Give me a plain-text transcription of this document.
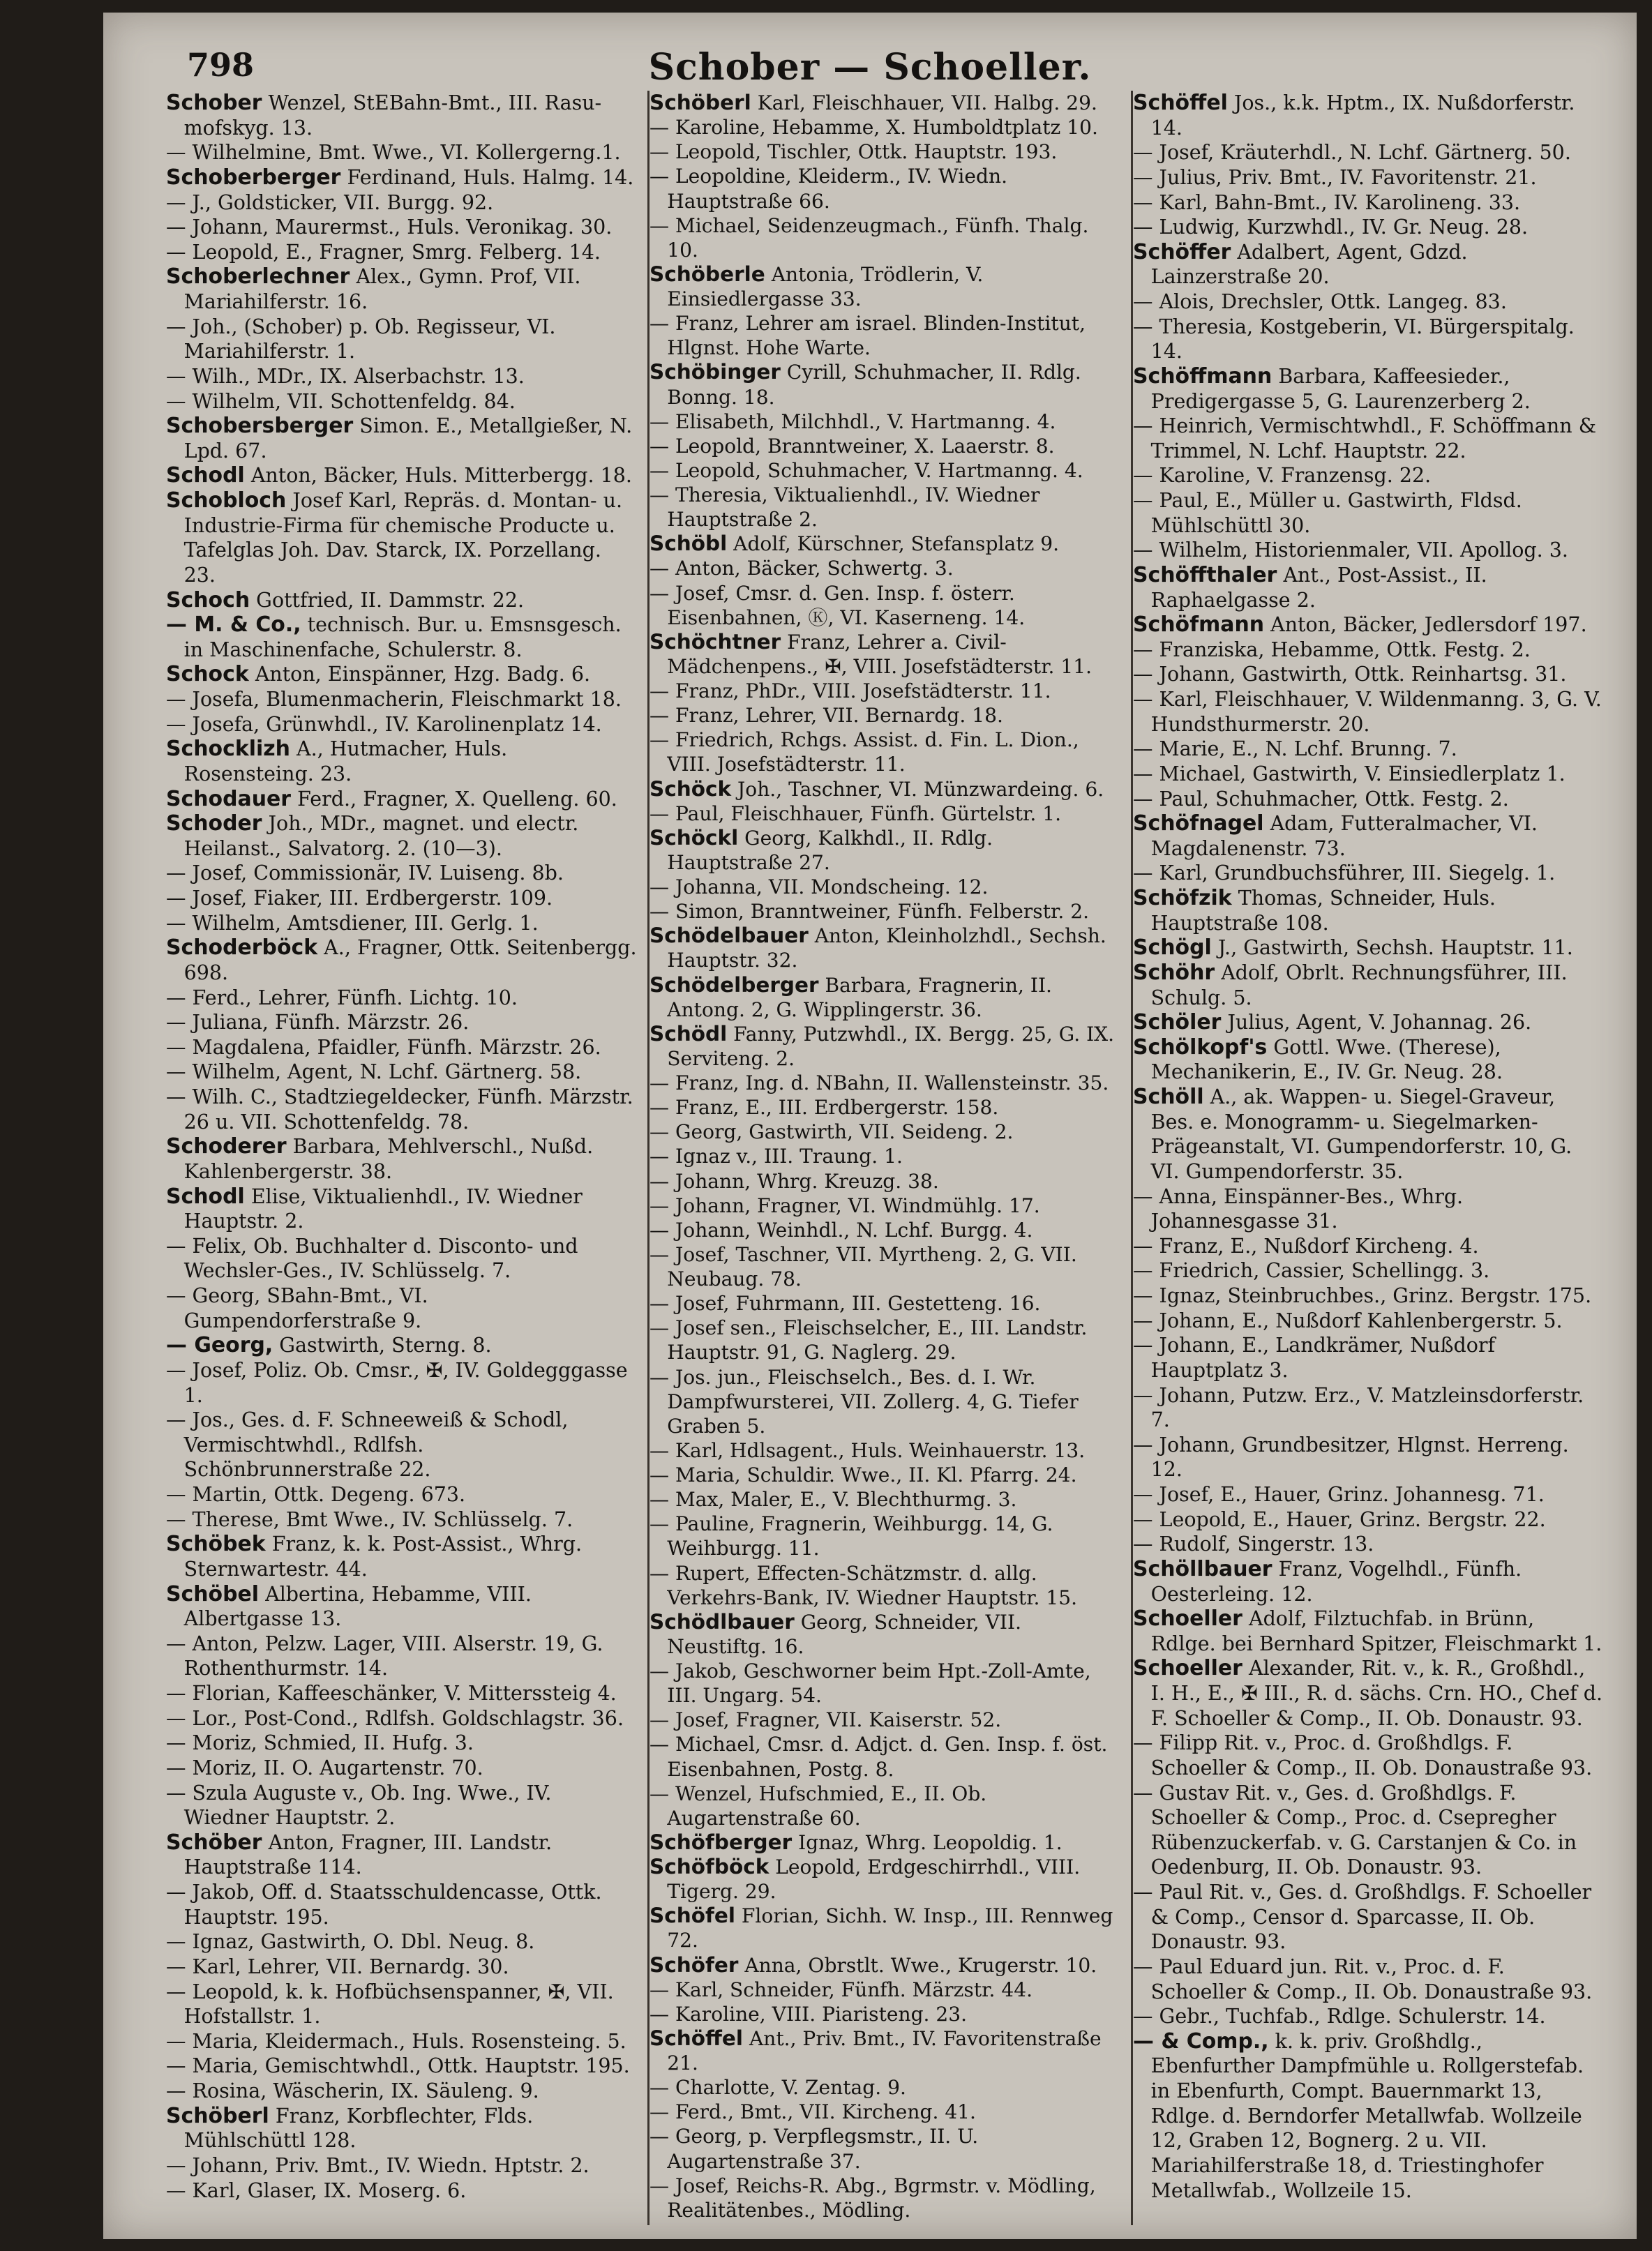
798	Schober — Schoeller.

Schober Wenzel, StEBahn-Bmt., III. Rasu-mofskyg. 13.

— Wilhelmine, Bmt. Wwe., VI. Kollergerng.1.

Schoberberger Ferdinand, Huls. Halmg. 14.

— J., Goldsticker, VII. Burgg. 92.

— Johann, Maurermst., Huls. Veronikag. 30.

— Leopold, E., Fragner, Smrg. Felberg. 14.

Schoberlechner Alex., Gymn. Prof, VII. Mariahilferstr. 16.

— Joh., (Schober) p. Ob. Regisseur, VI. Mariahilferstr. 1.

— Wilh., MDr., IX. Alserbachstr. 13.

— Wilhelm, VII. Schottenfeldg. 84.

Schobersberger Simon. E., Metallgießer, N. Lpd. 67.

Schodl Anton, Bäcker, Huls. Mitterbergg. 18.

Schobloch Josef Karl, Repräs. d. Montan- u. Industrie-Firma für chemische Producte u. Tafelglas Joh. Dav. Starck, IX. Porzellang. 23.

Schoch Gottfried, II. Dammstr. 22.

— M. & Co., technisch. Bur. u. Emsnsgesch. in Maschinenfache, Schulerstr. 8.

Schock Anton, Einspänner, Hzg. Badg. 6.

— Josefa, Blumenmacherin, Fleischmarkt 18.

— Josefa, Grünwhdl., IV. Karolinenplatz 14.

Schocklizh A., Hutmacher, Huls. Rosensteing. 23.

Schodauer Ferd., Fragner, X. Quelleng. 60.

Schoder Joh., MDr., magnet. und electr. Heilanst., Salvatorg. 2. (10—3).

— Josef, Commissionär, IV. Luiseng. 8b.

— Josef, Fiaker, III. Erdbergerstr. 109.

— Wilhelm, Amtsdiener, III. Gerlg. 1.

Schoderböck A., Fragner, Ottk. Seitenbergg. 698.

— Ferd., Lehrer, Fünfh. Lichtg. 10.

— Juliana, Fünfh. Märzstr. 26.

— Magdalena, Pfaidler, Fünfh. Märzstr. 26.

— Wilhelm, Agent, N. Lchf. Gärtnerg. 58.

— Wilh. C., Stadtziegeldecker, Fünfh. Märzstr. 26 u. VII. Schottenfeldg. 78.

Schoderer Barbara, Mehlverschl., Nußd. Kahlenbergerstr. 38.

Schodl Elise, Viktualienhdl., IV. Wiedner Hauptstr. 2.

— Felix, Ob. Buchhalter d. Disconto- und Wechsler-Ges., IV. Schlüsselg. 7.

— Georg, SBahn-Bmt., VI. Gumpendorferstraße 9.

— Georg, Gastwirth, Sterng. 8.

— Josef, Poliz. Ob. Cmsr., ✠, IV. Goldegggasse 1.

— Jos., Ges. d. F. Schneeweiß & Schodl, Vermischtwhdl., Rdlfsh. Schönbrunnerstraße 22.

— Martin, Ottk. Degeng. 673.

— Therese, Bmt Wwe., IV. Schlüsselg. 7.

Schöbek Franz, k. k. Post-Assist., Whrg. Sternwartestr. 44.

Schöbel Albertina, Hebamme, VIII. Albertgasse 13.

— Anton, Pelzw. Lager, VIII. Alserstr. 19, G. Rothenthurmstr. 14.

— Florian, Kaffeeschänker, V. Mitterssteig 4.

— Lor., Post-Cond., Rdlfsh. Goldschlagstr. 36.

— Moriz, Schmied, II. Hufg. 3.

— Moriz, II. O. Augartenstr. 70.

— Szula Auguste v., Ob. Ing. Wwe., IV. Wiedner Hauptstr. 2.

Schöber Anton, Fragner, III. Landstr. Hauptstraße 114.

— Jakob, Off. d. Staatsschuldencasse, Ottk. Hauptstr. 195.

— Ignaz, Gastwirth, O. Dbl. Neug. 8.

— Karl, Lehrer, VII. Bernardg. 30.

— Leopold, k. k. Hofbüchsenspanner, ✠, VII. Hofstallstr. 1.

— Maria, Kleidermach., Huls. Rosensteing. 5.

— Maria, Gemischtwhdl., Ottk. Hauptstr. 195.

— Rosina, Wäscherin, IX. Säuleng. 9.

Schöberl Franz, Korbflechter, Flds. Mühlschüttl 128.

— Johann, Priv. Bmt., IV. Wiedn. Hptstr. 2.

— Karl, Glaser, IX. Moserg. 6.

Schöberl Karl, Fleischhauer, VII. Halbg. 29.

— Karoline, Hebamme, X. Humboldtplatz 10.

— Leopold, Tischler, Ottk. Hauptstr. 193.

— Leopoldine, Kleiderm., IV. Wiedn. Hauptstraße 66.

— Michael, Seidenzeugmach., Fünfh. Thalg. 10.

Schöberle Antonia, Trödlerin, V. Einsiedlergasse 33.

— Franz, Lehrer am israel. Blinden-Institut, Hlgnst. Hohe Warte.

Schöbinger Cyrill, Schuhmacher, II. Rdlg. Bonng. 18.

— Elisabeth, Milchhdl., V. Hartmanng. 4.

— Leopold, Branntweiner, X. Laaerstr. 8.

— Leopold, Schuhmacher, V. Hartmanng. 4.

— Theresia, Viktualienhdl., IV. Wiedner Hauptstraße 2.

Schöbl Adolf, Kürschner, Stefansplatz 9.

— Anton, Bäcker, Schwertg. 3.

— Josef, Cmsr. d. Gen. Insp. f. österr. Eisenbahnen, Ⓚ, VI. Kaserneng. 14.

Schöchtner Franz, Lehrer a. Civil-Mädchenpens., ✠, VIII. Josefstädterstr. 11.

— Franz, PhDr., VIII. Josefstädterstr. 11.

— Franz, Lehrer, VII. Bernardg. 18.

— Friedrich, Rchgs. Assist. d. Fin. L. Dion., VIII. Josefstädterstr. 11.

Schöck Joh., Taschner, VI. Münzwardeing. 6.

— Paul, Fleischhauer, Fünfh. Gürtelstr. 1.

Schöckl Georg, Kalkhdl., II. Rdlg. Hauptstraße 27.

— Johanna, VII. Mondscheing. 12.

— Simon, Branntweiner, Fünfh. Felberstr. 2.

Schödelbauer Anton, Kleinholzhdl., Sechsh. Hauptstr. 32.

Schödelberger Barbara, Fragnerin, II. Antong. 2, G. Wipplingerstr. 36.

Schödl Fanny, Putzwhdl., IX. Bergg. 25, G. IX. Serviteng. 2.

— Franz, Ing. d. NBahn, II. Wallensteinstr. 35.

— Franz, E., III. Erdbergerstr. 158.

— Georg, Gastwirth, VII. Seideng. 2.

— Ignaz v., III. Traung. 1.

— Johann, Whrg. Kreuzg. 38.

— Johann, Fragner, VI. Windmühlg. 17.

— Johann, Weinhdl., N. Lchf. Burgg. 4.

— Josef, Taschner, VII. Myrtheng. 2, G. VII. Neubaug. 78.

— Josef, Fuhrmann, III. Gestetteng. 16.

— Josef sen., Fleischselcher, E., III. Landstr. Hauptstr. 91, G. Naglerg. 29.

— Jos. jun., Fleischselch., Bes. d. I. Wr. Dampfwursterei, VII. Zollerg. 4, G. Tiefer Graben 5.

— Karl, Hdlsagent., Huls. Weinhauerstr. 13.

— Maria, Schuldir. Wwe., II. Kl. Pfarrg. 24.

— Max, Maler, E., V. Blechthurmg. 3.

— Pauline, Fragnerin, Weihburgg. 14, G. Weihburgg. 11.

— Rupert, Effecten-Schätzmstr. d. allg. Verkehrs-Bank, IV. Wiedner Hauptstr. 15.

Schödlbauer Georg, Schneider, VII. Neustiftg. 16.

— Jakob, Geschworner beim Hpt.-Zoll-Amte, III. Ungarg. 54.

— Josef, Fragner, VII. Kaiserstr. 52.

— Michael, Cmsr. d. Adjct. d. Gen. Insp. f. öst. Eisenbahnen, Postg. 8.

— Wenzel, Hufschmied, E., II. Ob. Augartenstraße 60.

Schöfberger Ignaz, Whrg. Leopoldig. 1.

Schöfböck Leopold, Erdgeschirrhdl., VIII. Tigerg. 29.

Schöfel Florian, Sichh. W. Insp., III. Rennweg 72.

Schöfer Anna, Obrstlt. Wwe., Krugerstr. 10.

— Karl, Schneider, Fünfh. Märzstr. 44.

— Karoline, VIII. Piaristeng. 23.

Schöffel Ant., Priv. Bmt., IV. Favoritenstraße 21.

— Charlotte, V. Zentag. 9.

— Ferd., Bmt., VII. Kircheng. 41.

— Georg, p. Verpflegsmstr., II. U. Augartenstraße 37.

— Josef, Reichs-R. Abg., Bgrmstr. v. Mödling, Realitätenbes., Mödling.

Schöffel Jos., k.k. Hptm., IX. Nußdorferstr. 14.

— Josef, Kräuterhdl., N. Lchf. Gärtnerg. 50.

— Julius, Priv. Bmt., IV. Favoritenstr. 21.

— Karl, Bahn-Bmt., IV. Karolineng. 33.

— Ludwig, Kurzwhdl., IV. Gr. Neug. 28.

Schöffer Adalbert, Agent, Gdzd. Lainzerstraße 20.

— Alois, Drechsler, Ottk. Langeg. 83.

— Theresia, Kostgeberin, VI. Bürgerspitalg. 14.

Schöffmann Barbara, Kaffeesieder., Predigergasse 5, G. Laurenzerberg 2.

— Heinrich, Vermischtwhdl., F. Schöffmann & Trimmel, N. Lchf. Hauptstr. 22.

— Karoline, V. Franzensg. 22.

— Paul, E., Müller u. Gastwirth, Fldsd. Mühlschüttl 30.

— Wilhelm, Historienmaler, VII. Apollog. 3.

Schöffthaler Ant., Post-Assist., II. Raphaelgasse 2.

Schöfmann Anton, Bäcker, Jedlersdorf 197.

— Franziska, Hebamme, Ottk. Festg. 2.

— Johann, Gastwirth, Ottk. Reinhartsg. 31.

— Karl, Fleischhauer, V. Wildenmanng. 3, G. V. Hundsthurmerstr. 20.

— Marie, E., N. Lchf. Brunng. 7.

— Michael, Gastwirth, V. Einsiedlerplatz 1.

— Paul, Schuhmacher, Ottk. Festg. 2.

Schöfnagel Adam, Futteralmacher, VI. Magdalenenstr. 73.

— Karl, Grundbuchsführer, III. Siegelg. 1.

Schöfzik Thomas, Schneider, Huls. Hauptstraße 108.

Schögl J., Gastwirth, Sechsh. Hauptstr. 11.

Schöhr Adolf, Obrlt. Rechnungsführer, III. Schulg. 5.

Schöler Julius, Agent, V. Johannag. 26.

Schölkopf's Gottl. Wwe. (Therese), Mechanikerin, E., IV. Gr. Neug. 28.

Schöll A., ak. Wappen- u. Siegel-Graveur, Bes. e. Monogramm- u. Siegelmarken-Prägeanstalt, VI. Gumpendorferstr. 10, G. VI. Gumpendorferstr. 35.

— Anna, Einspänner-Bes., Whrg. Johannesgasse 31.

— Franz, E., Nußdorf Kircheng. 4.

— Friedrich, Cassier, Schellingg. 3.

— Ignaz, Steinbruchbes., Grinz. Bergstr. 175.

— Johann, E., Nußdorf Kahlenbergerstr. 5.

— Johann, E., Landkrämer, Nußdorf Hauptplatz 3.

— Johann, Putzw. Erz., V. Matzleinsdorferstr. 7.

— Johann, Grundbesitzer, Hlgnst. Herreng. 12.

— Josef, E., Hauer, Grinz. Johannesg. 71.

— Leopold, E., Hauer, Grinz. Bergstr. 22.

— Rudolf, Singerstr. 13.

Schöllbauer Franz, Vogelhdl., Fünfh. Oesterleing. 12.

Schoeller Adolf, Filztuchfab. in Brünn, Rdlge. bei Bernhard Spitzer, Fleischmarkt 1.

Schoeller Alexander, Rit. v., k. R., Großhdl., I. H., E., ✠ III., R. d. sächs. Crn. HO., Chef d. F. Schoeller & Comp., II. Ob. Donaustr. 93.

— Filipp Rit. v., Proc. d. Großhdlgs. F. Schoeller & Comp., II. Ob. Donaustraße 93.

— Gustav Rit. v., Ges. d. Großhdlgs. F. Schoeller & Comp., Proc. d. Csepregher Rübenzuckerfab. v. G. Carstanjen & Co. in Oedenburg, II. Ob. Donaustr. 93.

— Paul Rit. v., Ges. d. Großhdlgs. F. Schoeller & Comp., Censor d. Sparcasse, II. Ob. Donaustr. 93.

— Paul Eduard jun. Rit. v., Proc. d. F. Schoeller & Comp., II. Ob. Donaustraße 93.

— Gebr., Tuchfab., Rdlge. Schulerstr. 14.

— & Comp., k. k. priv. Großhdlg., Ebenfurther Dampfmühle u. Rollgerstefab. in Ebenfurth, Compt. Bauernmarkt 13, Rdlge. d. Berndorfer Metallwfab. Wollzeile 12, Graben 12, Bognerg. 2 u. VII. Mariahilferstraße 18, d. Triestinghofer Metallwfab., Wollzeile 15.
